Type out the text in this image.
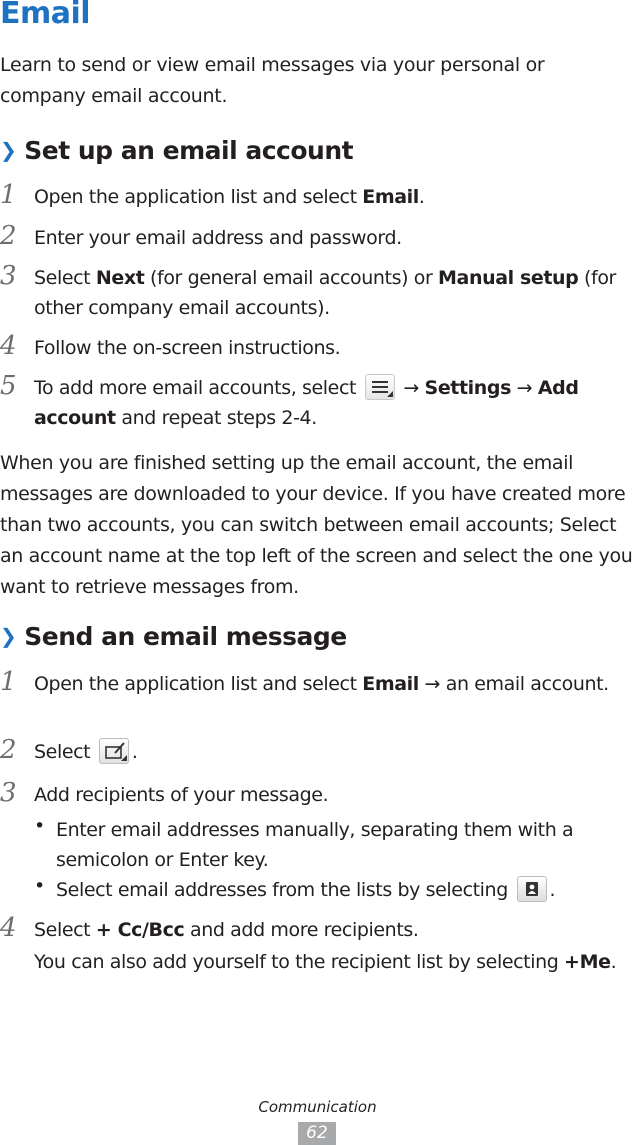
Email
Learn to send or view email messages via your personal or company email account.
❯ Set up an email account
1 Open the application list and select Email.
2 Enter your email address and password.
3 Select Next (for general email accounts) or Manual setup (for other company email accounts).
4 Follow the on-screen instructions.
5 To add more email accounts, select  → Settings → Add account and repeat steps 2-4.
When you are finished setting up the email account, the email messages are downloaded to your device. If you have created more than two accounts, you can switch between email accounts; Select an account name at the top left of the screen and select the one you want to retrieve messages from.
❯ Send an email message
1 Open the application list and select Email → an email account.
2 Select .
3 Add recipients of your message.
• Enter email addresses manually, separating them with a semicolon or Enter key.
• Select email addresses from the lists by selecting .
4 Select + Cc/Bcc and add more recipients.
You can also add yourself to the recipient list by selecting +Me.
Communication
62
